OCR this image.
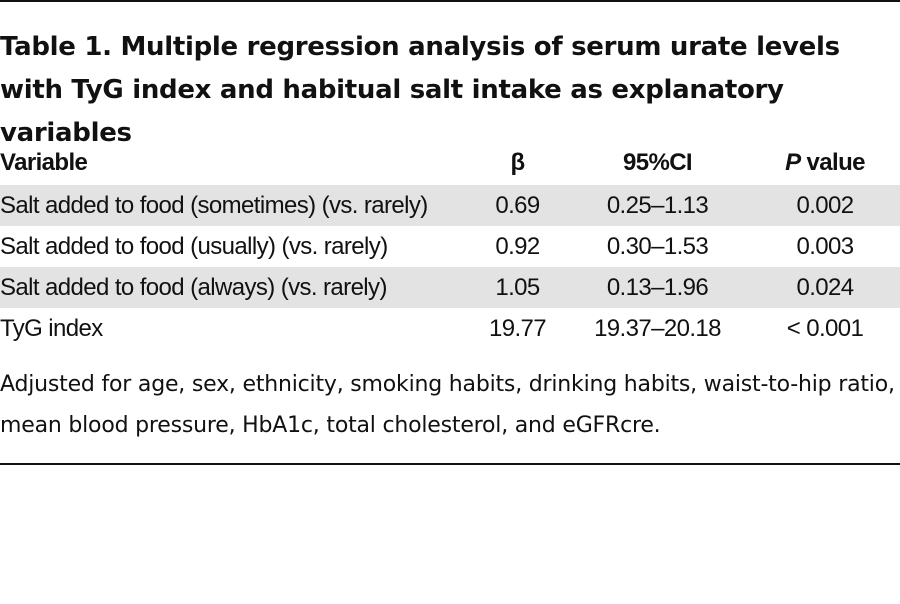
Table 1. Multiple regression analysis of serum urate levels with TyG index and habitual salt intake as explanatory variables
Variable	β	95%CI	P value
Salt added to food (sometimes) (vs. rarely)	0.69	0.25–1.13	0.002
Salt added to food (usually) (vs. rarely)	0.92	0.30–1.53	0.003
Salt added to food (always) (vs. rarely)	1.05	0.13–1.96	0.024
TyG index	19.77	19.37–20.18	< 0.001

Adjusted for age, sex, ethnicity, smoking habits, drinking habits, waist-to-hip ratio, mean blood pressure, HbA1c, total cholesterol, and eGFRcre.
